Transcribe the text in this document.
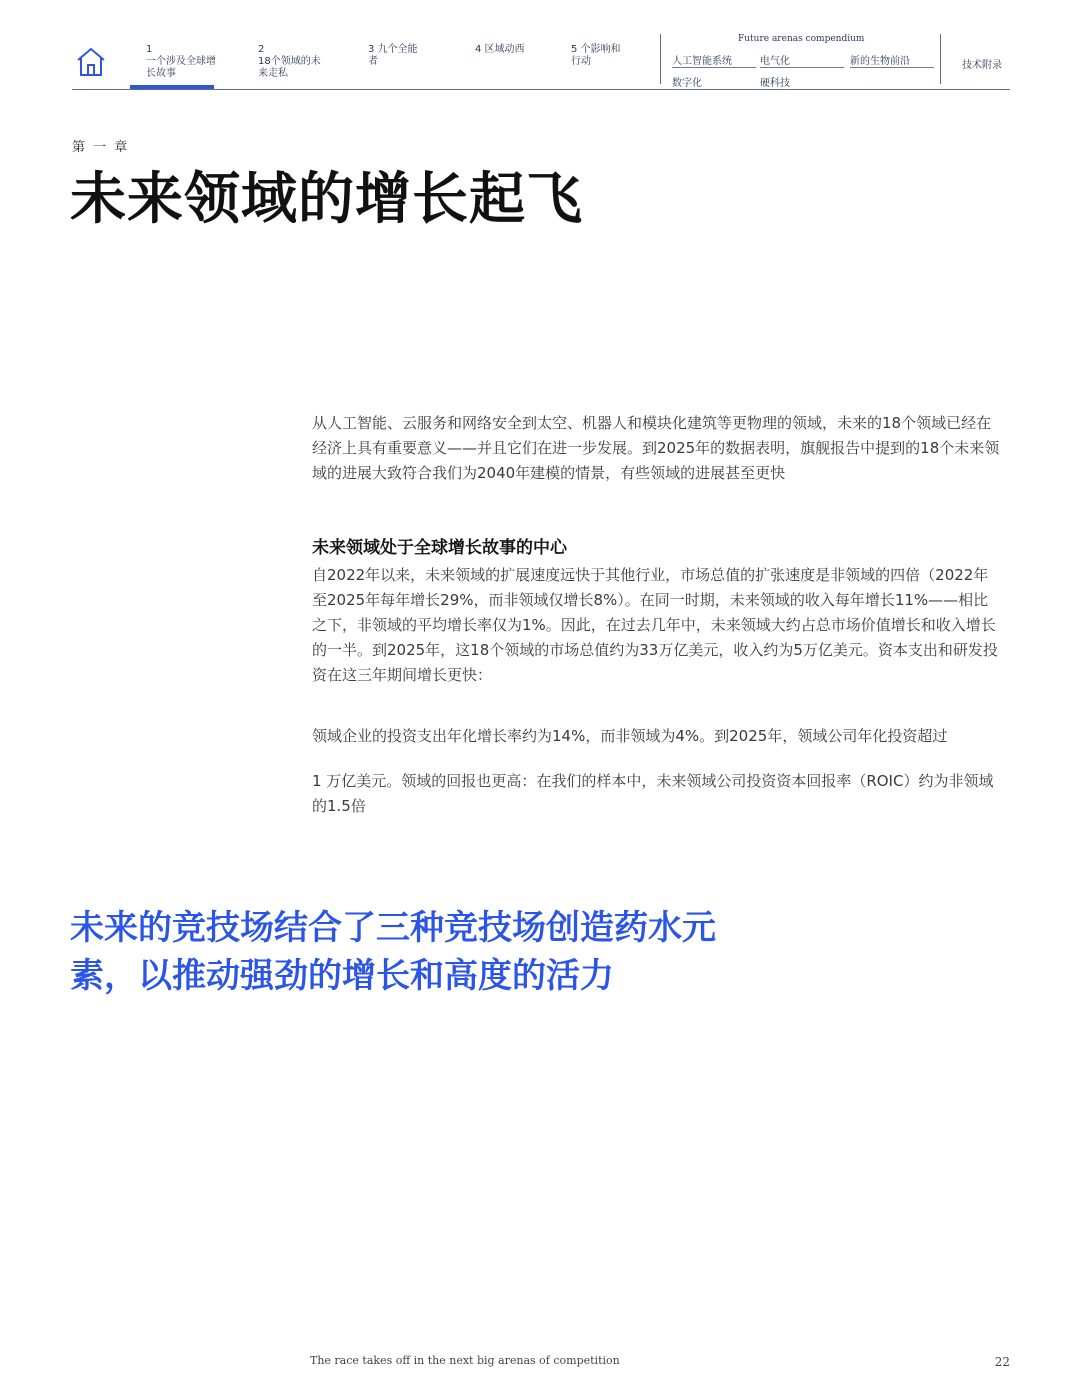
1
一个涉及全球增长故事
2
18个领域的未来走私
3 九个全能者
4 区域动西	5 个影响和行动
Future arenas compendium
人工智能系统	电气化	新的生物前沿
数字化	硬科技
技术附录
第 一 章
未来领域的增长起飞
从人工智能、云服务和网络安全到太空、机器人和模块化建筑等更物理的领域，未来的18个领域已经在经济上具有重要意义——并且它们在进一步发展。到2025年的数据表明，旗舰报告中提到的18个未来领域的进展大致符合我们为2040年建模的情景，有些领域的进展甚至更快
未来领域处于全球增长故事的中心
自2022年以来，未来领域的扩展速度远快于其他行业，市场总值的扩张速度是非领域的四倍（2022年至2025年每年增长29%，而非领域仅增长8%）。在同一时期，未来领域的收入每年增长11%——相比之下，非领域的平均增长率仅为1%。因此，在过去几年中，未来领域大约占总市场价值增长和收入增长的一半。到2025年，这18个领域的市场总值约为33万亿美元，收入约为5万亿美元。资本支出和研发投资在这三年期间增长更快：
领域企业的投资支出年化增长率约为14%，而非领域为4%。到2025年，领域公司年化投资超过
1 万亿美元。领域的回报也更高：在我们的样本中，未来领域公司投资资本回报率（ROIC）约为非领域的1.5倍
未来的竞技场结合了三种竞技场创造药水元素，以推动强劲的增长和高度的活力
The race takes off in the next big arenas of competition	22
